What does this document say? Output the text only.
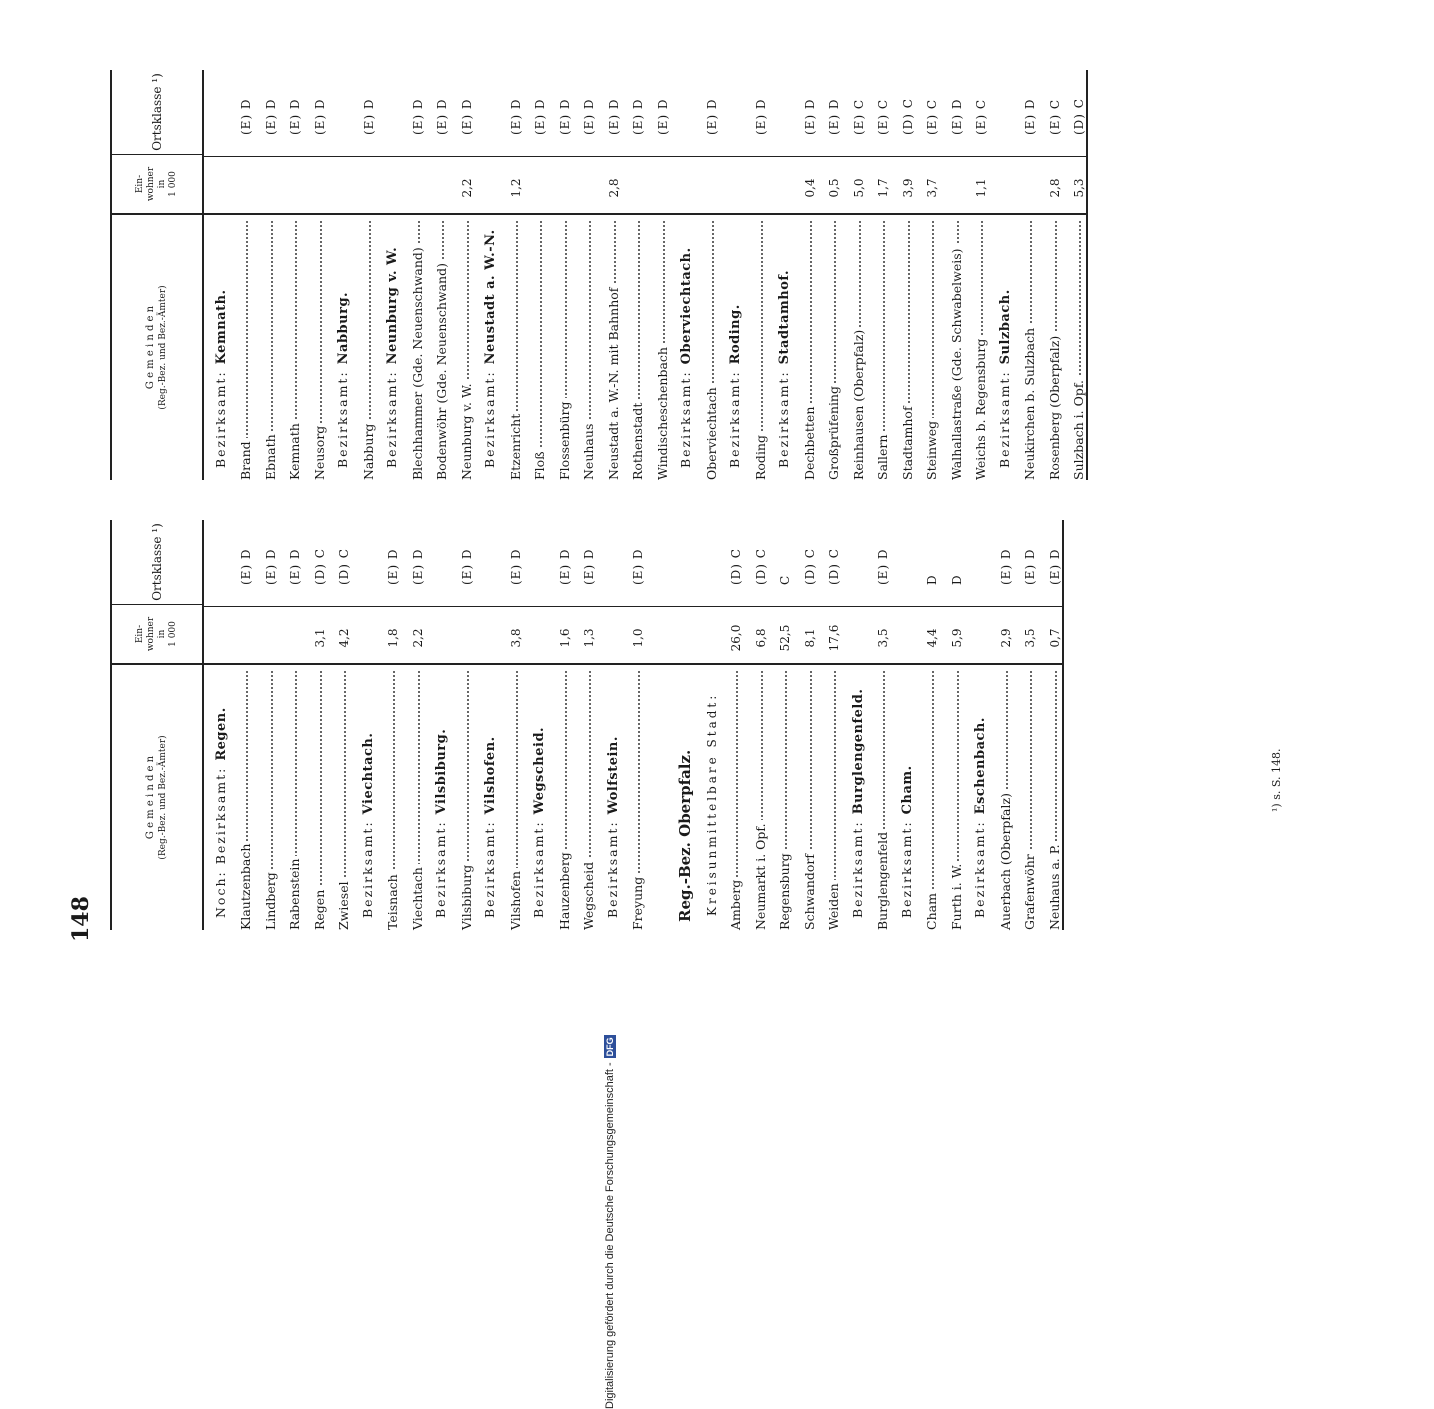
148
G e m e i n d e n (Reg.-Bez. und Bez.-Ämter)
Ein- wohner in 1 000
Ortsklasse ¹)
Noch: Bezirksamt: Regen.
Klautzenbach
(E) D
Lindberg
(E) D
Rabenstein
(E) D
Regen
3,1
(D) C
Zwiesel
4,2
(D) C
Bezirksamt: Viechtach.
Teisnach
1,8
(E) D
Viechtach
2,2
(E) D
Bezirksamt: Vilsbiburg.
Vilsbiburg
(E) D
Bezirksamt: Vilshofen.
Vilshofen
3,8
(E) D
Bezirksamt: Wegscheid.
Hauzenberg
1,6
(E) D
Wegscheid
1,3
(E) D
Bezirksamt: Wolfstein.
Freyung
1,0
(E) D
Reg.-Bez. Oberpfalz. Kreisunmittelbare Stadt: Amberg
26,0
(D) C
Neumarkt i. Opf.
6,8
(D) C
Regensburg
52,5
C
Schwandorf
8,1
(D) C
Weiden
17,6
(D) C
Bezirksamt: Burglengenfeld.
Burglengenfeld
3,5
(E) D
Bezirksamt: Cham.
Cham
4,4
D
Furth i. W.
5,9
D
Bezirksamt: Eschenbach.
Auerbach (Oberpfalz)
2,9
(E) D
Grafenwöhr
3,5
(E) D
Neuhaus a. P.
0,7
(E) D
G e m e i n d e n (Reg.-Bez. und Bez.-Ämter)
Ein- wohner in 1 000
Ortsklasse ¹)
Bezirksamt: Kemnath.
Brand
(E) D
Ebnath
(E) D
Kemnath
(E) D
Neusorg
(E) D
Bezirksamt: Nabburg.
Nabburg
(E) D
Bezirksamt: Neunburg v. W. Blechhammer (Gde. Neuenschwand)
(E) D
Bodenwöhr (Gde. Neuenschwand)
(E) D
Neunburg v. W.
2,2
(E) D
Bezirksamt: Neustadt a. W.-N.
Etzenricht
1,2
(E) D
Floß
(E) D
Flossenbürg
(E) D
Neuhaus
(E) D
Neustadt a. W.-N. mit Bahnhof
2,8
(E) D
Rothenstadt
(E) D
Windischeschenbach
(E) D
Bezirksamt: Oberviechtach.
Oberviechtach
(E) D
Bezirksamt: Roding.
Roding
(E) D
Bezirksamt: Stadtamhof.
Dechbetten
0,4
(E) D
Großprüfening
0,5
(E) D
Reinhausen (Oberpfalz)
5,0
(E) C
Sallern
1,7
(E) C
Stadtamhof
3,9
(D) C
Steinweg
3,7
(E) C
Walhallastraße (Gde. Schwabelweis)
(E) D
Weichs b. Regensburg
1,1
(E) C
Bezirksamt: Sulzbach.
Neukirchen b. Sulzbach
(E) D
Rosenberg (Oberpfalz)
2,8
(E) C
Sulzbach i. Opf.
5,3
(D) C
¹) s. S. 148.
Digitalisierung gefördert durch die Deutsche Forschungsgemeinschaft -DFG
